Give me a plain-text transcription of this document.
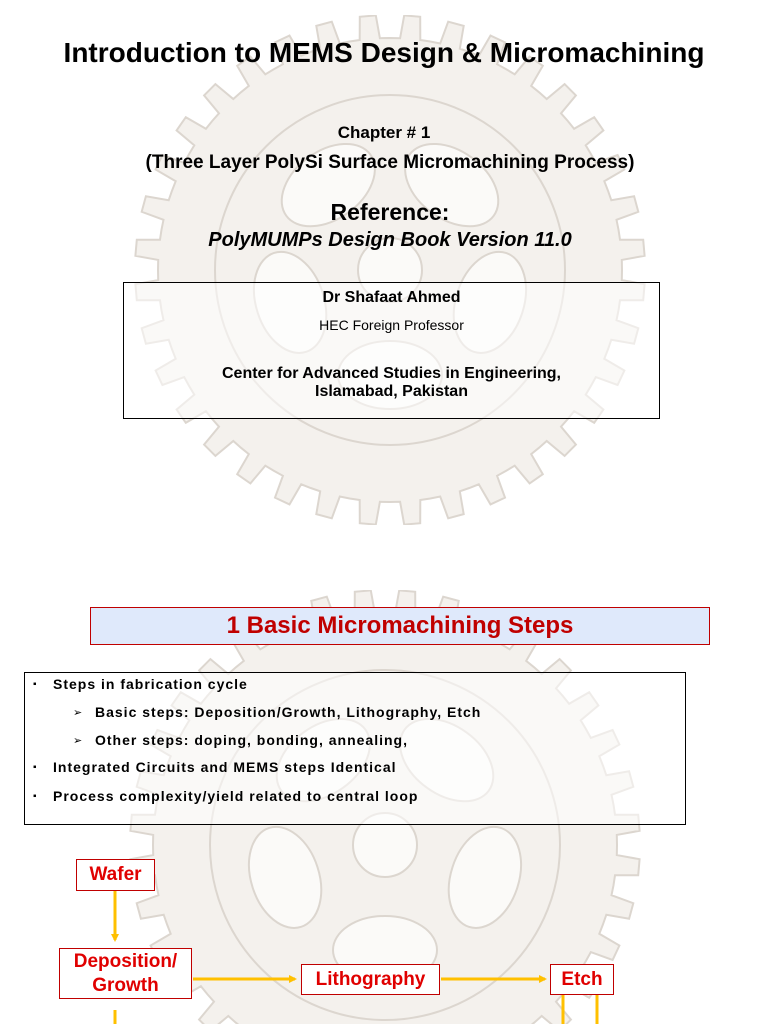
Introduction to MEMS Design & Micromachining
Chapter # 1
(Three Layer PolySi Surface Micromachining Process)
Reference:
PolyMUMPs Design Book Version 11.0
Dr Shafaat Ahmed
HEC Foreign Professor
Center for Advanced Studies in Engineering,
Islamabad, Pakistan
1 Basic Micromachining Steps
▪ Steps in fabrication cycle
➢ Basic steps: Deposition/Growth, Lithography, Etch
➢ Other steps: doping, bonding, annealing,
▪ Integrated Circuits and MEMS steps Identical
▪ Process complexity/yield related to central loop
Wafer
Deposition/
Growth	Lithography	Etch
